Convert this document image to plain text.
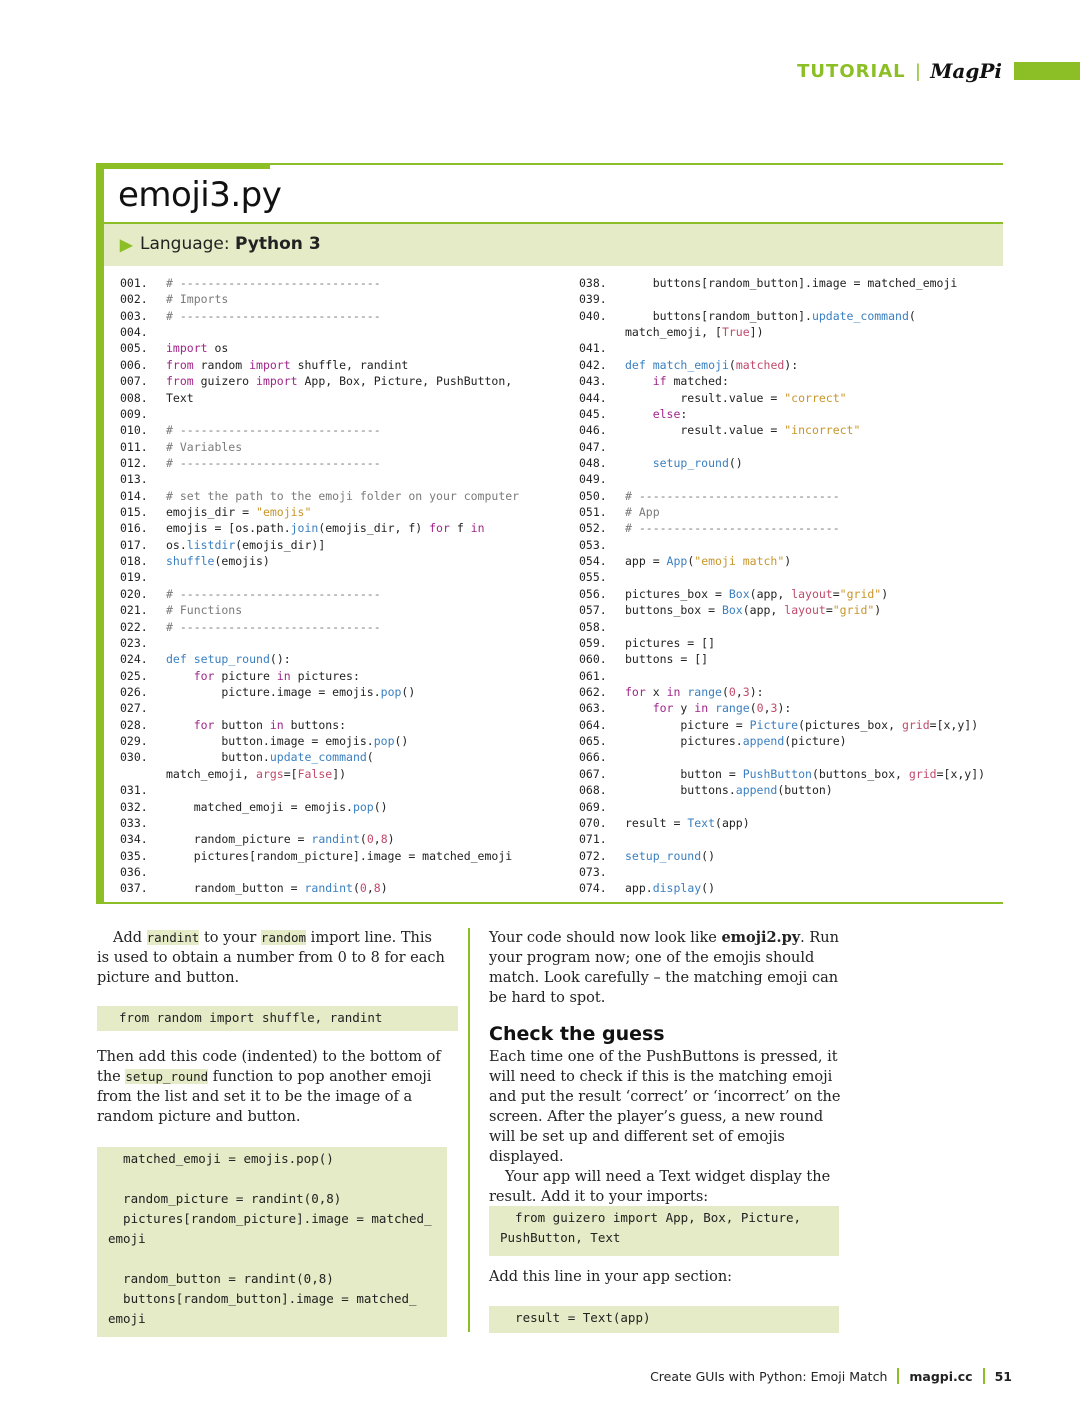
TUTORIAL | MagPi
emoji3.py
▶ Language: Python 3
001. # -----------------------------
002. # Imports
003. # -----------------------------
004.
005. import os
006. from random import shuffle, randint
007. from guizero import App, Box, Picture, PushButton,
008. Text
009.
010. # -----------------------------
011. # Variables
012. # -----------------------------
013.
014. # set the path to the emoji folder on your computer
015. emojis_dir = "emojis"
016. emojis = [os.path.join(emojis_dir, f) for f in
017. os.listdir(emojis_dir)]
018. shuffle(emojis)
019.
020. # -----------------------------
021. # Functions
022. # -----------------------------
023.
024. def setup_round():
025.	for picture in pictures:
026.        picture.image = emojis.pop()
027.
028.	for button in buttons:
029.        button.image = emojis.pop()
030.        button.update_command(
match_emoji, args=[False])
031.
032.    matched_emoji = emojis.pop()
033.
034.    random_picture = randint(0,8)
035.    pictures[random_picture].image = matched_emoji
036.
037.    random_button = randint(0,8)
038.    buttons[random_button].image = matched_emoji
039.
040.    buttons[random_button].update_command(
match_emoji, [True])
041.
042. def match_emoji(matched):
043.	if matched:
044.        result.value = "correct"
045.	else:
046.        result.value = "incorrect"
047.
048.	setup_round()
049.
050. # -----------------------------
051. # App
052. # -----------------------------
053.
054. app = App("emoji match")
055.
056. pictures_box = Box(app, layout="grid")
057. buttons_box = Box(app, layout="grid")
058.
059. pictures = []
060. buttons = []
061.
062. for x in range(0,3):
063.	for y in range(0,3):
064.        picture = Picture(pictures_box, grid=[x,y])
065.        pictures.append(picture)
066.
067.        button = PushButton(buttons_box, grid=[x,y])
068.        buttons.append(button)
069.
070. result = Text(app)
071.
072. setup_round()
073.
074. app.display()

Add randint to your random import line. This is used to obtain a number from 0 to 8 for each picture and button.

from random import shuffle, randint

Then add this code (indented) to the bottom of the setup_round function to pop another emoji from the list and set it to be the image of a random picture and button.

matched_emoji = emojis.pop()

random_picture = randint(0,8)
pictures[random_picture].image = matched_
emoji

random_button = randint(0,8)
buttons[random_button].image = matched_
emoji

Your code should now look like emoji2.py. Run your program now; one of the emojis should match. Look carefully – the matching emoji can be hard to spot.

Check the guess

Each time one of the PushButtons is pressed, it will need to check if this is the matching emoji and put the result ‘correct’ or ‘incorrect’ on the screen. After the player’s guess, a new round will be set up and different set of emojis displayed.

Your app will need a Text widget display the result. Add it to your imports:

from guizero import App, Box, Picture,
PushButton, Text

Add this line in your app section:

result = Text(app)
Create GUIs with Python: Emoji Match magpi.cc 51
